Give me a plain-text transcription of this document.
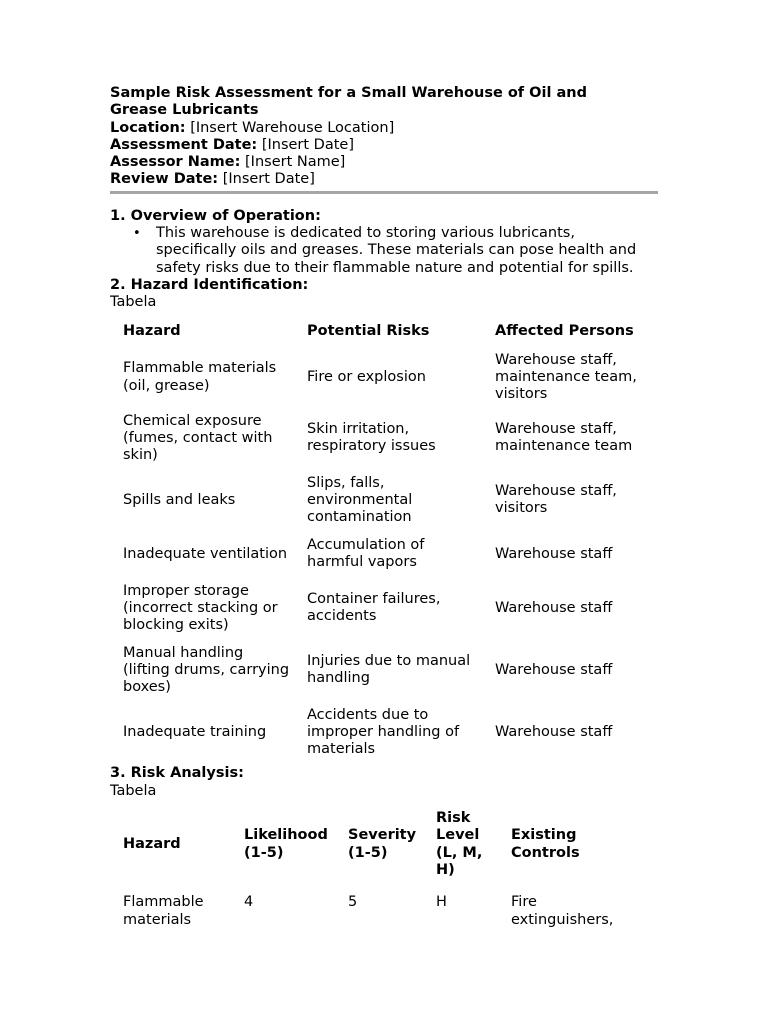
Sample Risk Assessment for a Small Warehouse of Oil and Grease Lubricants
Location: [Insert Warehouse Location]
Assessment Date: [Insert Date]
Assessor Name: [Insert Name]
Review Date: [Insert Date]
1. Overview of Operation:
• This warehouse is dedicated to storing various lubricants, specifically oils and greases. These materials can pose health and safety risks due to their flammable nature and potential for spills.
2. Hazard Identification:
Tabela
Hazard	Potential Risks	Affected Persons
Flammable materials (oil, grease)	Fire or explosion	Warehouse staff, maintenance team, visitors
Chemical exposure (fumes, contact with skin)	Skin irritation, respiratory issues	Warehouse staff, maintenance team
Spills and leaks	Slips, falls, environmental contamination	Warehouse staff, visitors
Inadequate ventilation	Accumulation of harmful vapors	Warehouse staff
Improper storage (incorrect stacking or blocking exits)	Container failures, accidents	Warehouse staff
Manual handling (lifting drums, carrying boxes)	Injuries due to manual handling	Warehouse staff
Inadequate training	Accidents due to improper handling of materials	Warehouse staff
3. Risk Analysis:
Tabela
Hazard	Likelihood (1-5)	Severity (1-5)	Risk Level (L, M, H)	Existing Controls
Flammable materials	4	5	H	Fire extinguishers,
